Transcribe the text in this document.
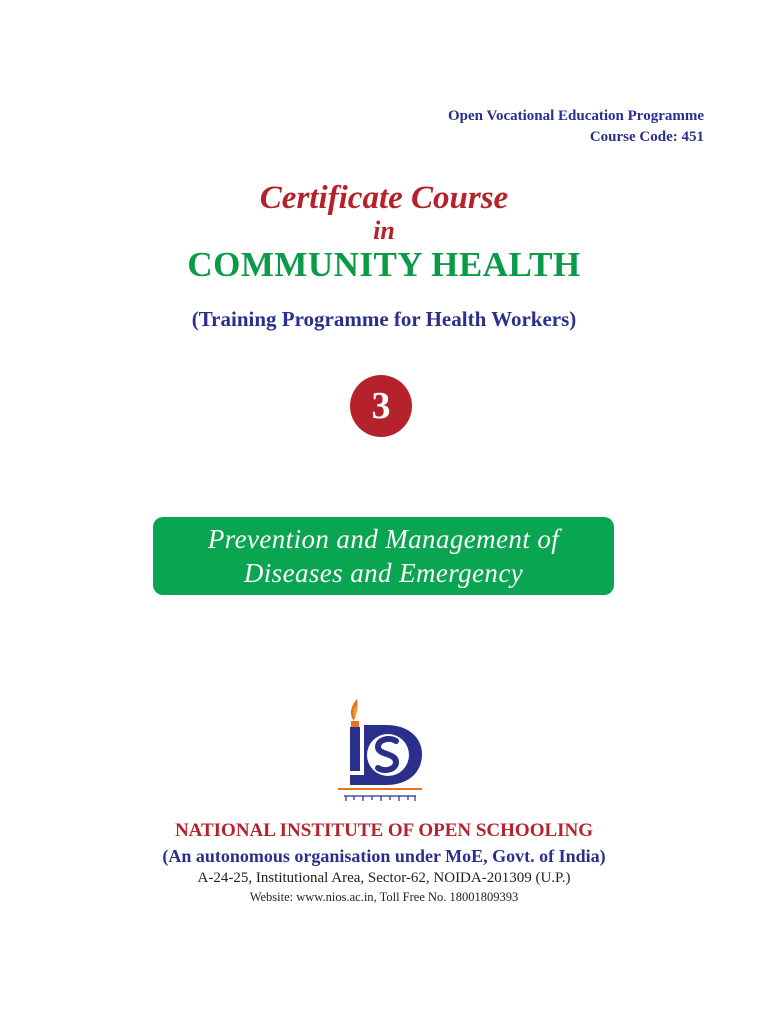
Open Vocational Education Programme
Course Code: 451
Certificate Course
in
COMMUNITY HEALTH
(Training Programme for Health Workers)
3
Prevention and Management of
Diseases and Emergency
NATIONAL INSTITUTE OF OPEN SCHOOLING
(An autonomous organisation under MoE, Govt. of India)
A-24-25, Institutional Area, Sector-62, NOIDA-201309 (U.P.)
Website: www.nios.ac.in, Toll Free No. 18001809393
